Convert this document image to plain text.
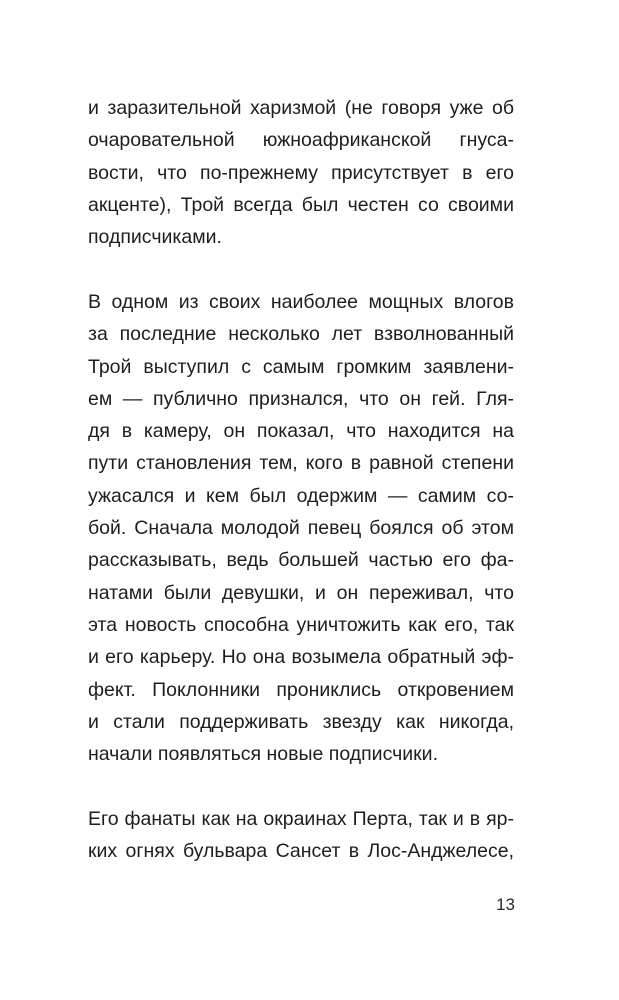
и заразительной харизмой (не говоря уже об
очаровательной южноафриканской гнуса-
вости, что по-прежнему присутствует в его
акценте), Трой всегда был честен со своими
подписчиками.
В одном из своих наиболее мощных влогов
за последние несколько лет взволнованный
Трой выступил с самым громким заявлени-
ем — публично признался, что он гей. Гля-
дя в камеру, он показал, что находится на
пути становления тем, кого в равной степени
ужасался и кем был одержим — самим со-
бой. Сначала молодой певец боялся об этом
рассказывать, ведь большей частью его фа-
натами были девушки, и он переживал, что
эта новость способна уничтожить как его, так
и его карьеру. Но она возымела обратный эф-
фект. Поклонники прониклись откровением
и стали поддерживать звезду как никогда,
начали появляться новые подписчики.
Его фанаты как на окраинах Перта, так и в яр-
ких огнях бульвара Сансет в Лос-Анджелесе,
13
